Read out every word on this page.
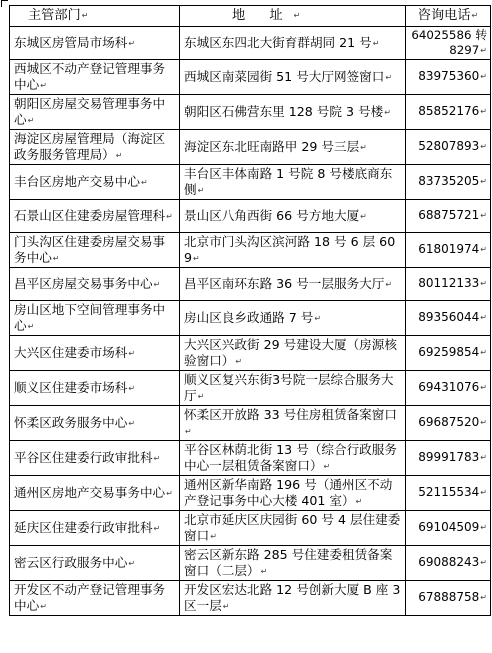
主管部门↵	地 址↵	咨询电话↵
东城区房管局市场科↵	东城区东四北大街育群胡同 21 号↵	64025586 转 8297↵
西城区不动产登记管理事务中心↵	西城区南菜园街 51 号大厅网签窗口↵	83975360↵
朝阳区房屋交易管理事务中心↵	朝阳区石佛营东里 128 号院 3 号楼↵	85852176↵
海淀区房屋管理局（海淀区政务服务管理局）↵	海淀区东北旺南路甲 29 号三层↵	52807893↵
丰台区房地产交易中心↵	丰台区丰体南路 1 号院 8 号楼底商东侧↵	83735205↵
石景山区住建委房屋管理科↵	景山区八角西街 66 号方地大厦↵	68875721↵
门头沟区住建委房屋交易事务中心↵	北京市门头沟区滨河路 18 号 6 层 609↵	61801974↵
昌平区房屋交易事务中心↵	昌平区南环东路 36 号一层服务大厅↵	80112133↵
房山区地下空间管理事务中心↵	房山区良乡政通路 7 号↵	89356044↵
大兴区住建委市场科↵	大兴区兴政街 29 号建设大厦（房源核验窗口）↵	69259854↵
顺义区住建委市场科↵	顺义区复兴东街3号院一层综合服务大厅↵	69431076↵
怀柔区政务服务中心↵	怀柔区开放路 33 号住房租赁备案窗口↵	69687520↵
平谷区住建委行政审批科↵	平谷区林荫北街 13 号（综合行政服务中心一层租赁备案窗口）↵	89991783↵
通州区房地产交易事务中心↵	通州区新华南路 196 号（通州区不动产登记事务中心大楼 401 室）↵	52115534↵
延庆区住建委行政审批科↵	北京市延庆区庆园街 60 号 4 层住建委窗口↵	69104509↵
密云区行政服务中心↵	密云区新东路 285 号住建委租赁备案窗口（二层）↵	69088243↵
开发区不动产登记管理事务中心↵	开发区宏达北路 12 号创新大厦 B 座 3 区一层↵	67888758↵
